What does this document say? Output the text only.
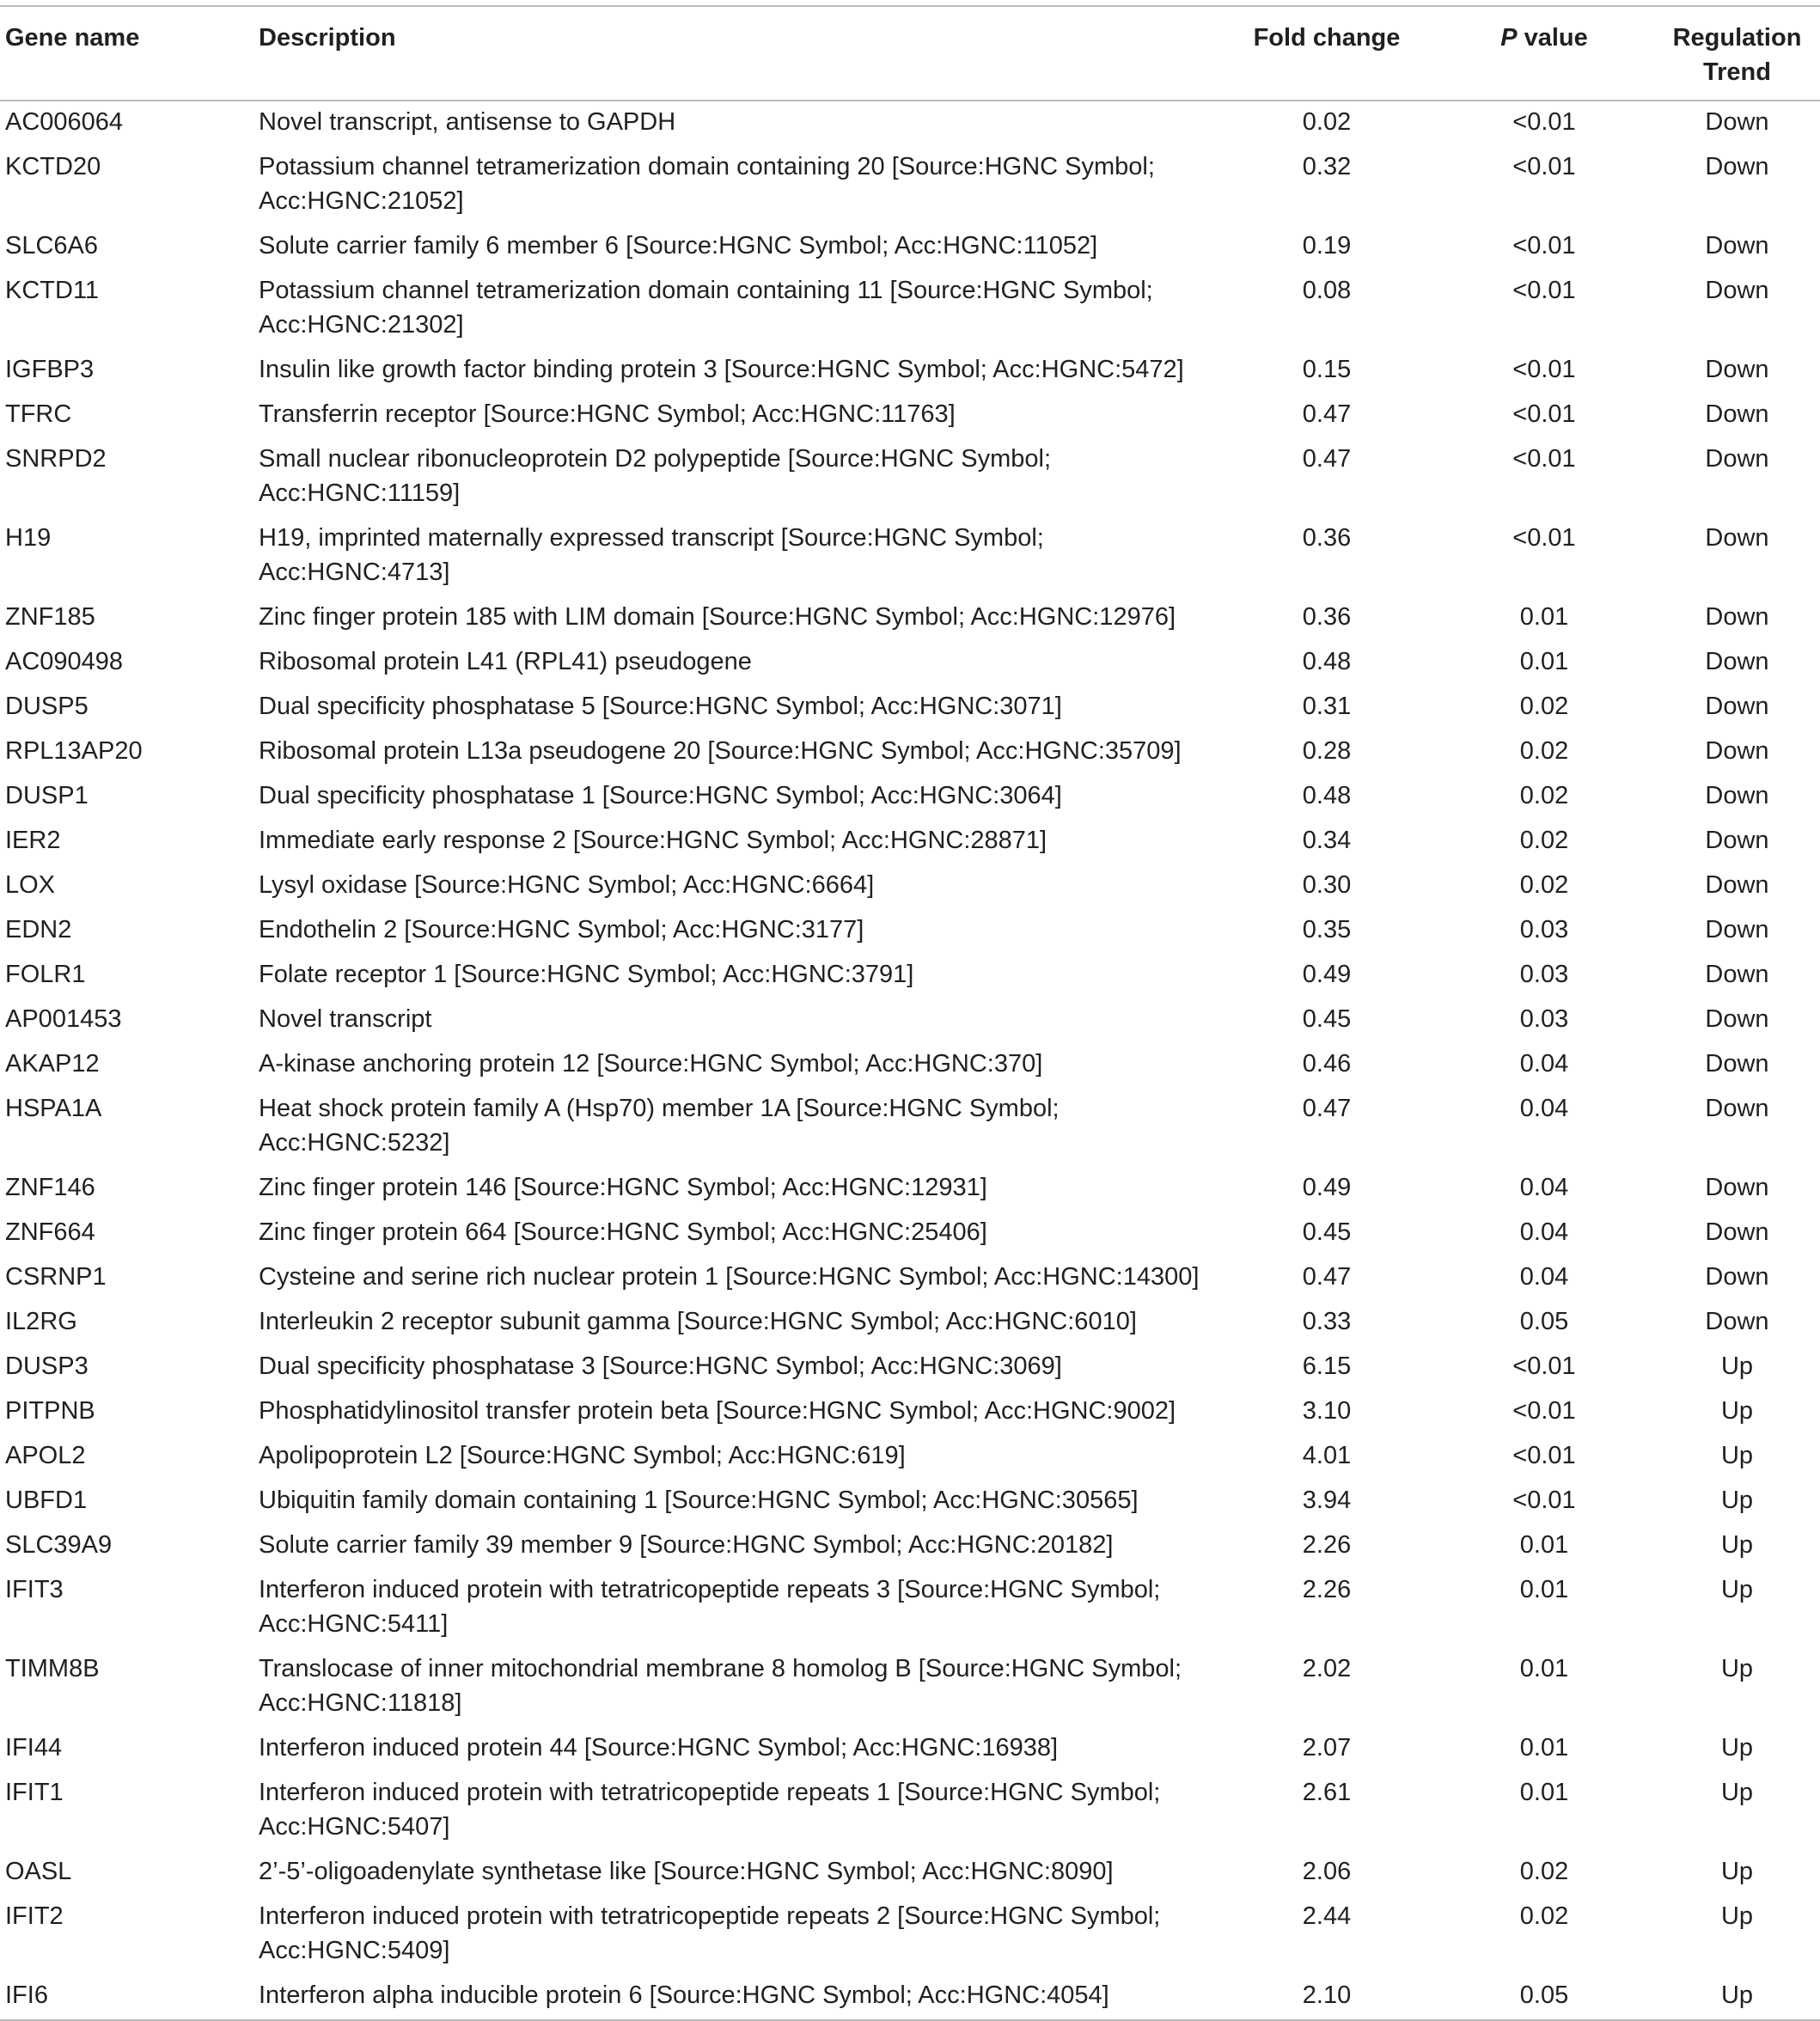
Gene name	Description	Fold change	P value	Regulation
Trend
AC006064	Novel transcript, antisense to GAPDH	0.02	<0.01	Down
KCTD20	Potassium channel tetramerization domain containing 20 [Source:HGNC Symbol; Acc:HGNC:21052]	0.32	<0.01	Down
SLC6A6	Solute carrier family 6 member 6 [Source:HGNC Symbol; Acc:HGNC:11052]	0.19	<0.01	Down
KCTD11	Potassium channel tetramerization domain containing 11 [Source:HGNC Symbol; Acc:HGNC:21302]	0.08	<0.01	Down
IGFBP3	Insulin like growth factor binding protein 3 [Source:HGNC Symbol; Acc:HGNC:5472]	0.15	<0.01	Down
TFRC	Transferrin receptor [Source:HGNC Symbol; Acc:HGNC:11763]	0.47	<0.01	Down
SNRPD2	Small nuclear ribonucleoprotein D2 polypeptide [Source:HGNC Symbol; Acc:HGNC:11159]	0.47	<0.01	Down
H19	H19, imprinted maternally expressed transcript [Source:HGNC Symbol; Acc:HGNC:4713]	0.36	<0.01	Down
ZNF185	Zinc finger protein 185 with LIM domain [Source:HGNC Symbol; Acc:HGNC:12976]	0.36	0.01	Down
AC090498	Ribosomal protein L41 (RPL41) pseudogene	0.48	0.01	Down
DUSP5	Dual specificity phosphatase 5 [Source:HGNC Symbol; Acc:HGNC:3071]	0.31	0.02	Down
RPL13AP20	Ribosomal protein L13a pseudogene 20 [Source:HGNC Symbol; Acc:HGNC:35709]	0.28	0.02	Down
DUSP1	Dual specificity phosphatase 1 [Source:HGNC Symbol; Acc:HGNC:3064]	0.48	0.02	Down
IER2	Immediate early response 2 [Source:HGNC Symbol; Acc:HGNC:28871]	0.34	0.02	Down
LOX	Lysyl oxidase [Source:HGNC Symbol; Acc:HGNC:6664]	0.30	0.02	Down
EDN2	Endothelin 2 [Source:HGNC Symbol; Acc:HGNC:3177]	0.35	0.03	Down
FOLR1	Folate receptor 1 [Source:HGNC Symbol; Acc:HGNC:3791]	0.49	0.03	Down
AP001453	Novel transcript	0.45	0.03	Down
AKAP12	A-kinase anchoring protein 12 [Source:HGNC Symbol; Acc:HGNC:370]	0.46	0.04	Down
HSPA1A	Heat shock protein family A (Hsp70) member 1A [Source:HGNC Symbol; Acc:HGNC:5232]	0.47	0.04	Down
ZNF146	Zinc finger protein 146 [Source:HGNC Symbol; Acc:HGNC:12931]	0.49	0.04	Down
ZNF664	Zinc finger protein 664 [Source:HGNC Symbol; Acc:HGNC:25406]	0.45	0.04	Down
CSRNP1	Cysteine and serine rich nuclear protein 1 [Source:HGNC Symbol; Acc:HGNC:14300]	0.47	0.04	Down
IL2RG	Interleukin 2 receptor subunit gamma [Source:HGNC Symbol; Acc:HGNC:6010]	0.33	0.05	Down
DUSP3	Dual specificity phosphatase 3 [Source:HGNC Symbol; Acc:HGNC:3069]	6.15	<0.01	Up
PITPNB	Phosphatidylinositol transfer protein beta [Source:HGNC Symbol; Acc:HGNC:9002]	3.10	<0.01	Up
APOL2	Apolipoprotein L2 [Source:HGNC Symbol; Acc:HGNC:619]	4.01	<0.01	Up
UBFD1	Ubiquitin family domain containing 1 [Source:HGNC Symbol; Acc:HGNC:30565]	3.94	<0.01	Up
SLC39A9	Solute carrier family 39 member 9 [Source:HGNC Symbol; Acc:HGNC:20182]	2.26	0.01	Up
IFIT3	Interferon induced protein with tetratricopeptide repeats 3 [Source:HGNC Symbol; Acc:HGNC:5411]	2.26	0.01	Up
TIMM8B	Translocase of inner mitochondrial membrane 8 homolog B [Source:HGNC Symbol; Acc:HGNC:11818]	2.02	0.01	Up
IFI44	Interferon induced protein 44 [Source:HGNC Symbol; Acc:HGNC:16938]	2.07	0.01	Up
IFIT1	Interferon induced protein with tetratricopeptide repeats 1 [Source:HGNC Symbol; Acc:HGNC:5407]	2.61	0.01	Up
OASL	2’-5’-oligoadenylate synthetase like [Source:HGNC Symbol; Acc:HGNC:8090]	2.06	0.02	Up
IFIT2	Interferon induced protein with tetratricopeptide repeats 2 [Source:HGNC Symbol; Acc:HGNC:5409]	2.44	0.02	Up
IFI6	Interferon alpha inducible protein 6 [Source:HGNC Symbol; Acc:HGNC:4054]	2.10	0.05	Up
